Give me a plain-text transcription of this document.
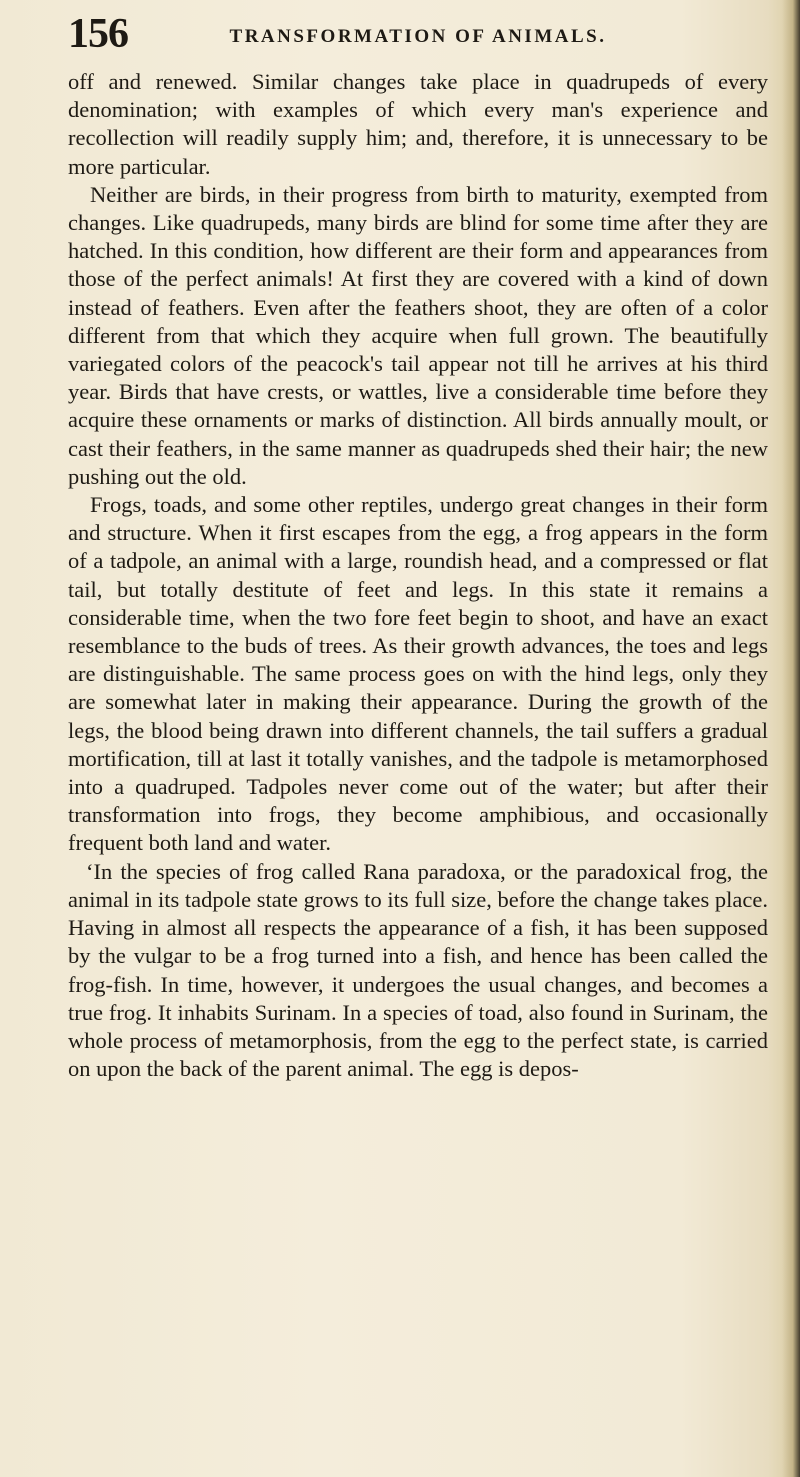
156	TRANSFORMATION OF ANIMALS.

off and renewed. Similar changes take place in quadrupeds of every denomination; with examples of which every man's experience and recollection will readily supply him; and, therefore, it is unnecessary to be more particular.

Neither are birds, in their progress from birth to maturity, exempted from changes. Like quadrupeds, many birds are blind for some time after they are hatched. In this condition, how different are their form and appearances from those of the perfect animals! At first they are covered with a kind of down instead of feathers. Even after the feathers shoot, they are often of a color different from that which they acquire when full grown. The beautifully variegated colors of the peacock's tail appear not till he arrives at his third year. Birds that have crests, or wattles, live a considerable time before they acquire these ornaments or marks of distinction. All birds annually moult, or cast their feathers, in the same manner as quadrupeds shed their hair; the new pushing out the old.

Frogs, toads, and some other reptiles, undergo great changes in their form and structure. When it first escapes from the egg, a frog appears in the form of a tadpole, an animal with a large, roundish head, and a compressed or flat tail, but totally destitute of feet and legs. In this state it remains a considerable time, when the two fore feet begin to shoot, and have an exact resemblance to the buds of trees. As their growth advances, the toes and legs are distinguishable. The same process goes on with the hind legs, only they are somewhat later in making their appearance. During the growth of the legs, the blood being drawn into different channels, the tail suffers a gradual mortification, till at last it totally vanishes, and the tadpole is metamorphosed into a quadruped. Tadpoles never come out of the water; but after their transformation into frogs, they become amphibious, and occasionally frequent both land and water.

‘In the species of frog called Rana paradoxa, or the paradoxical frog, the animal in its tadpole state grows to its full size, before the change takes place. Having in almost all respects the appearance of a fish, it has been supposed by the vulgar to be a frog turned into a fish, and hence has been called the frog-fish. In time, however, it undergoes the usual changes, and becomes a true frog. It inhabits Surinam. In a species of toad, also found in Surinam, the whole process of metamorphosis, from the egg to the perfect state, is carried on upon the back of the parent animal. The egg is depos-
